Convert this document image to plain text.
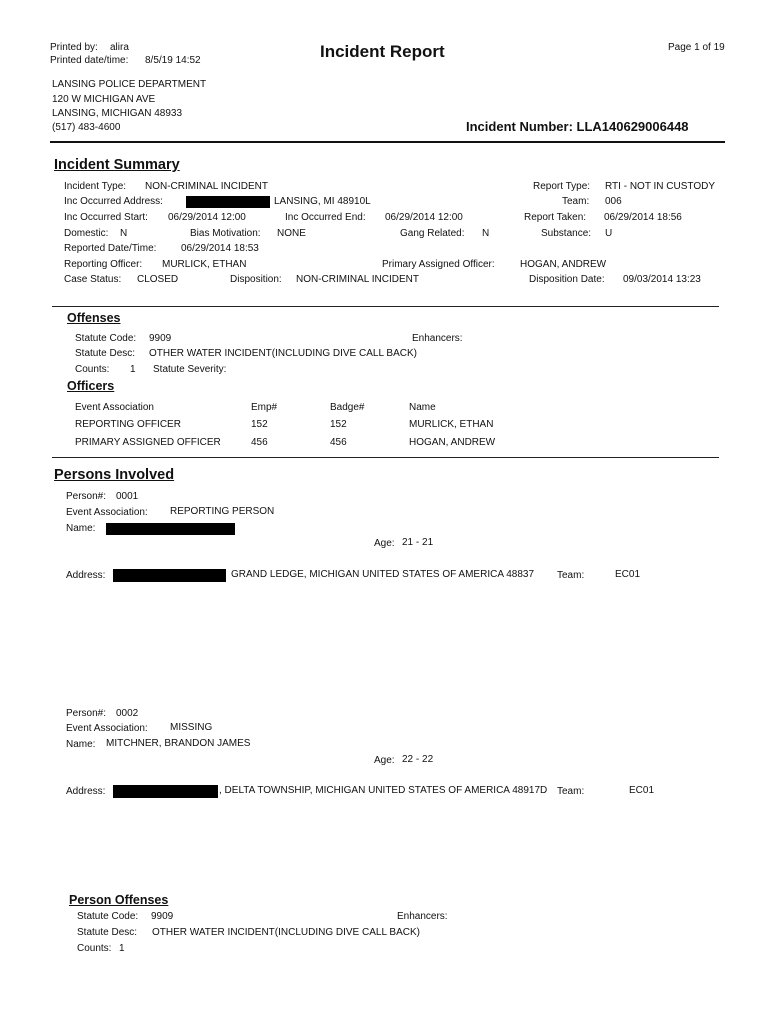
Printed by: alira
Printed date/time: 8/5/19 14:52	Incident Report	Page 1 of 19
LANSING POLICE DEPARTMENT
120 W MICHIGAN AVE
LANSING, MICHIGAN 48933
(517) 483-4600	Incident Number: LLA140629006448
Incident Summary
Incident Type: NON-CRIMINAL INCIDENT	Report Type: RTI - NOT IN CUSTODY
Inc Occurred Address:	LANSING, MI 48910L	Team: 006
Inc Occurred Start: 06/29/2014 12:00	Inc Occurred End: 06/29/2014 12:00	Report Taken: 06/29/2014 18:56
Domestic: N	Bias Motivation: NONE	Gang Related: N	Substance: U
Reported Date/Time: 06/29/2014 18:53
Reporting Officer: MURLICK, ETHAN	Primary Assigned Officer:	HOGAN, ANDREW
Case Status: CLOSED	Disposition: NON-CRIMINAL INCIDENT	Disposition Date: 09/03/2014 13:23
Offenses
Statute Code: 9909	Enhancers:
Statute Desc: OTHER WATER INCIDENT(INCLUDING DIVE CALL BACK)
Counts: 1 Statute Severity:
Officers
Event Association	Emp#	Badge#	Name
REPORTING OFFICER	152	152	MURLICK, ETHAN
PRIMARY ASSIGNED OFFICER	456	456	HOGAN, ANDREW
Persons Involved
Person#: 0001
Event Association: REPORTING PERSON
Name:
Age: 21 - 21
Address:	GRAND LEDGE, MICHIGAN UNITED STATES OF AMERICA 48837 Team:	EC01
Person#: 0002
Event Association: MISSING
Name: MITCHNER, BRANDON JAMES
Age: 22 - 22
Address:	, DELTA TOWNSHIP, MICHIGAN UNITED STATES OF AMERICA 48917D Team:	EC01
Person Offenses
Statute Code: 9909	Enhancers:
Statute Desc: OTHER WATER INCIDENT(INCLUDING DIVE CALL BACK)
Counts: 1
